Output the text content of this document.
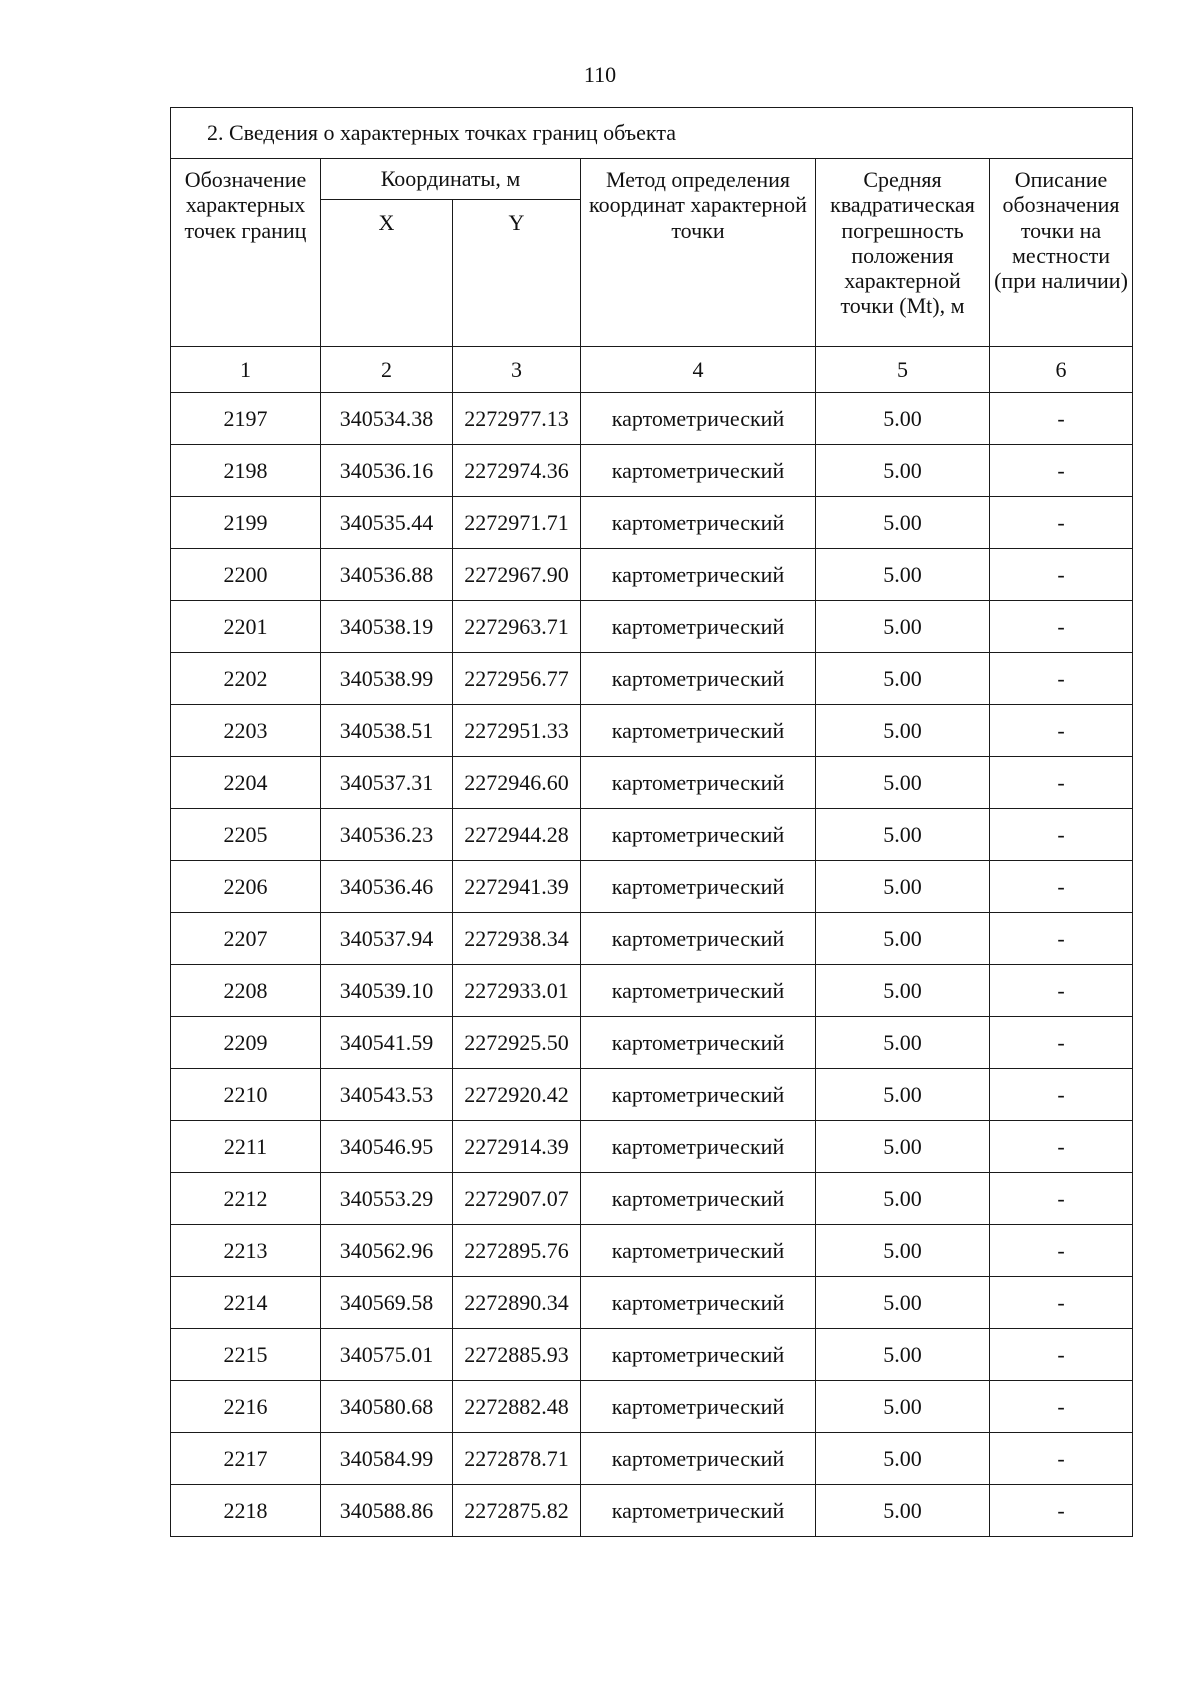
110
2. Сведения о характерных точках границ объекта					
Обозначение характерных точек границ	Координаты, м		Метод определения координат характерной точки	Средняя квадратическая погрешность положения характерной точки (Mt), м	Описание обозначения точки на местности (при наличии)
	X	Y			
1	2	3	4	5	6
2197	340534.38	2272977.13	картометрический	5.00	-
2198	340536.16	2272974.36	картометрический	5.00	-
2199	340535.44	2272971.71	картометрический	5.00	-
2200	340536.88	2272967.90	картометрический	5.00	-
2201	340538.19	2272963.71	картометрический	5.00	-
2202	340538.99	2272956.77	картометрический	5.00	-
2203	340538.51	2272951.33	картометрический	5.00	-
2204	340537.31	2272946.60	картометрический	5.00	-
2205	340536.23	2272944.28	картометрический	5.00	-
2206	340536.46	2272941.39	картометрический	5.00	-
2207	340537.94	2272938.34	картометрический	5.00	-
2208	340539.10	2272933.01	картометрический	5.00	-
2209	340541.59	2272925.50	картометрический	5.00	-
2210	340543.53	2272920.42	картометрический	5.00	-
2211	340546.95	2272914.39	картометрический	5.00	-
2212	340553.29	2272907.07	картометрический	5.00	-
2213	340562.96	2272895.76	картометрический	5.00	-
2214	340569.58	2272890.34	картометрический	5.00	-
2215	340575.01	2272885.93	картометрический	5.00	-
2216	340580.68	2272882.48	картометрический	5.00	-
2217	340584.99	2272878.71	картометрический	5.00	-
2218	340588.86	2272875.82	картометрический	5.00	-
